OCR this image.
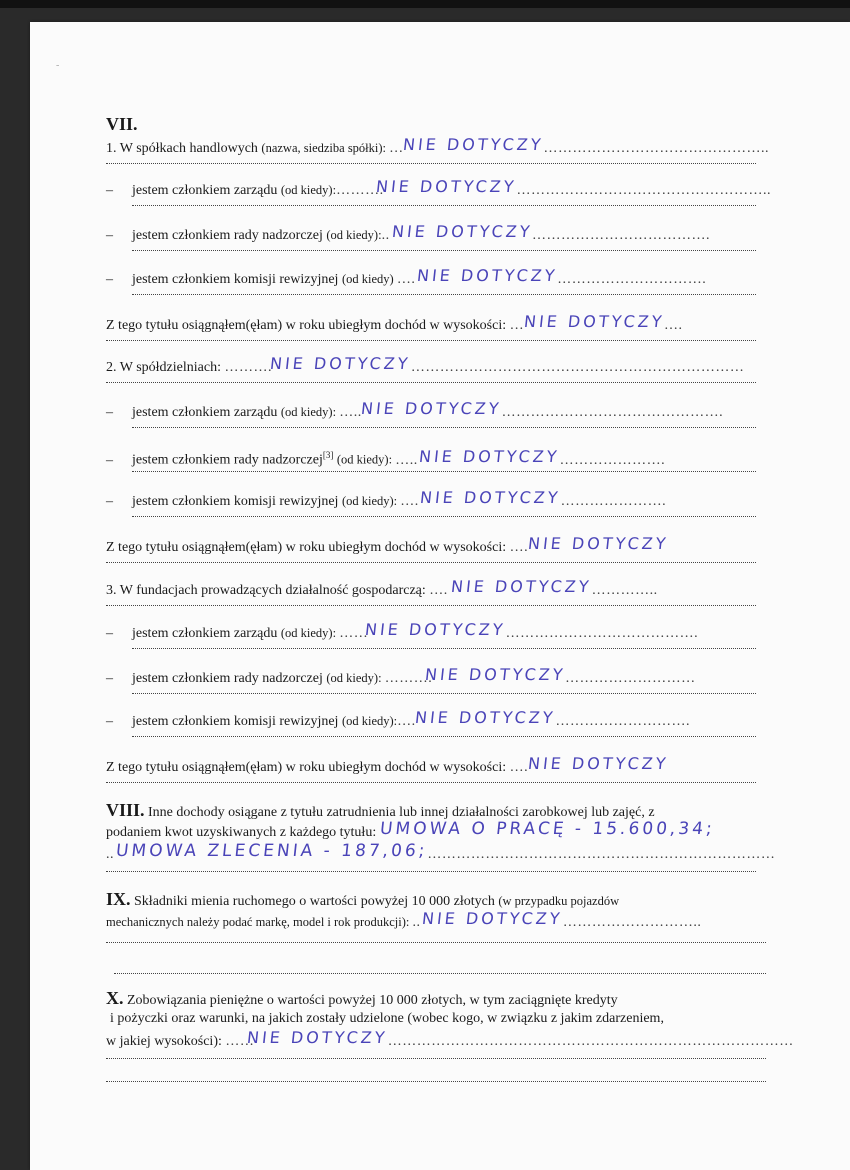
VII.
1. W spółkach handlowych (nazwa, siedziba spółki): …NIE DOTYCZY………………………………………..
– jestem członkiem zarządu (od kiedy):……….NIE DOTYCZY……………………………………………..
– jestem członkiem rady nadzorczej (od kiedy):..NIE DOTYCZY……………………………….
– jestem członkiem komisji rewizyjnej (od kiedy) ….NIE DOTYCZY………………………….
Z tego tytułu osiągnąłem(ęłam) w roku ubiegłym dochód w wysokości: …NIE DOTYCZY….
2. W spółdzielniach: ……….NIE DOTYCZY……………………………………………………………
– jestem członkiem zarządu (od kiedy): …..NIE DOTYCZY……………………………………….
– jestem członkiem rady nadzorczej[3] (od kiedy): …..NIE DOTYCZY………………….
– jestem członkiem komisji rewizyjnej (od kiedy): ….NIE DOTYCZY………………….
Z tego tytułu osiągnąłem(ęłam) w roku ubiegłym dochód w wysokości: ….NIE DOTYCZY
3. W fundacjach prowadzących działalność gospodarczą: …. NIE DOTYCZY…………..
– jestem członkiem zarządu (od kiedy): ……NIE DOTYCZY………………………………….
– jestem członkiem rady nadzorczej (od kiedy): ……….NIE DOTYCZY………………………
– jestem członkiem komisji rewizyjnej (od kiedy):….NIE DOTYCZY……………………….
Z tego tytułu osiągnąłem(ęłam) w roku ubiegłym dochód w wysokości: ….NIE DOTYCZY
VIII. Inne dochody osiągane z tytułu zatrudnienia lub innej działalności zarobkowej lub zajęć, z
podaniem kwot uzyskiwanych z każdego tytułu: UMOWA O PRACĘ - 15.600,34;
..UMOWA ZLECENIA - 187,06;………………………………………………………………
IX. Składniki mienia ruchomego o wartości powyżej 10 000 złotych (w przypadku pojazdów
mechanicznych należy podać markę, model i rok produkcji): ..NIE DOTYCZY………………………..
X. Zobowiązania pieniężne o wartości powyżej 10 000 złotych, w tym zaciągnięte kredyty
i pożyczki oraz warunki, na jakich zostały udzielone (wobec kogo, w związku z jakim zdarzeniem,
w jakiej wysokości): ……NIE DOTYCZY…………………………………………………………………………
-
